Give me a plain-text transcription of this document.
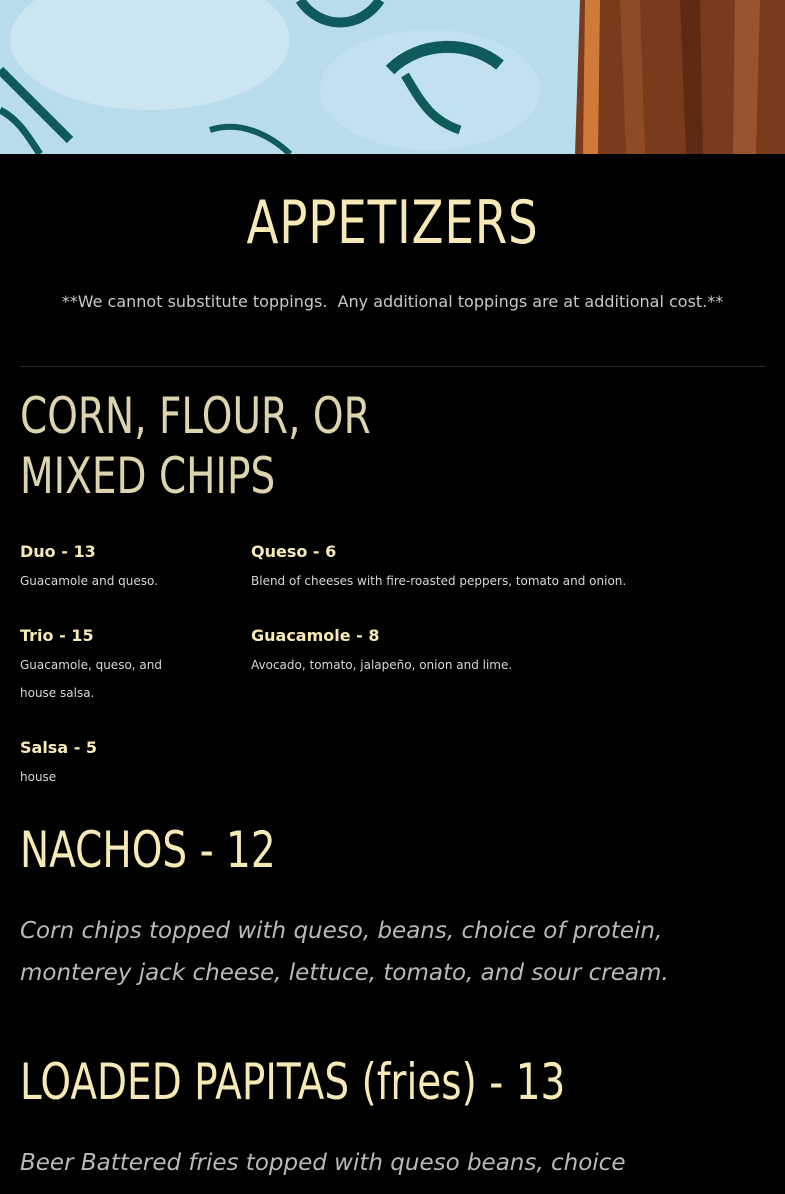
APPETIZERS
**We cannot substitute toppings.  Any additional toppings are at additional cost.**
CORN, FLOUR, OR
MIXED CHIPS
Duo - 13
Guacamole and queso.
Queso - 6
Blend of cheeses with fire-roasted peppers, tomato and onion.
Trio - 15
Guacamole, queso, and house salsa.
Guacamole - 8
Avocado, tomato, jalapeño, onion and lime.
Salsa - 5
house
NACHOS - 12
Corn chips topped with queso, beans, choice of protein, monterey jack cheese, lettuce, tomato, and sour cream.
LOADED PAPITAS (fries) - 13
Beer Battered fries topped with queso beans, choice
